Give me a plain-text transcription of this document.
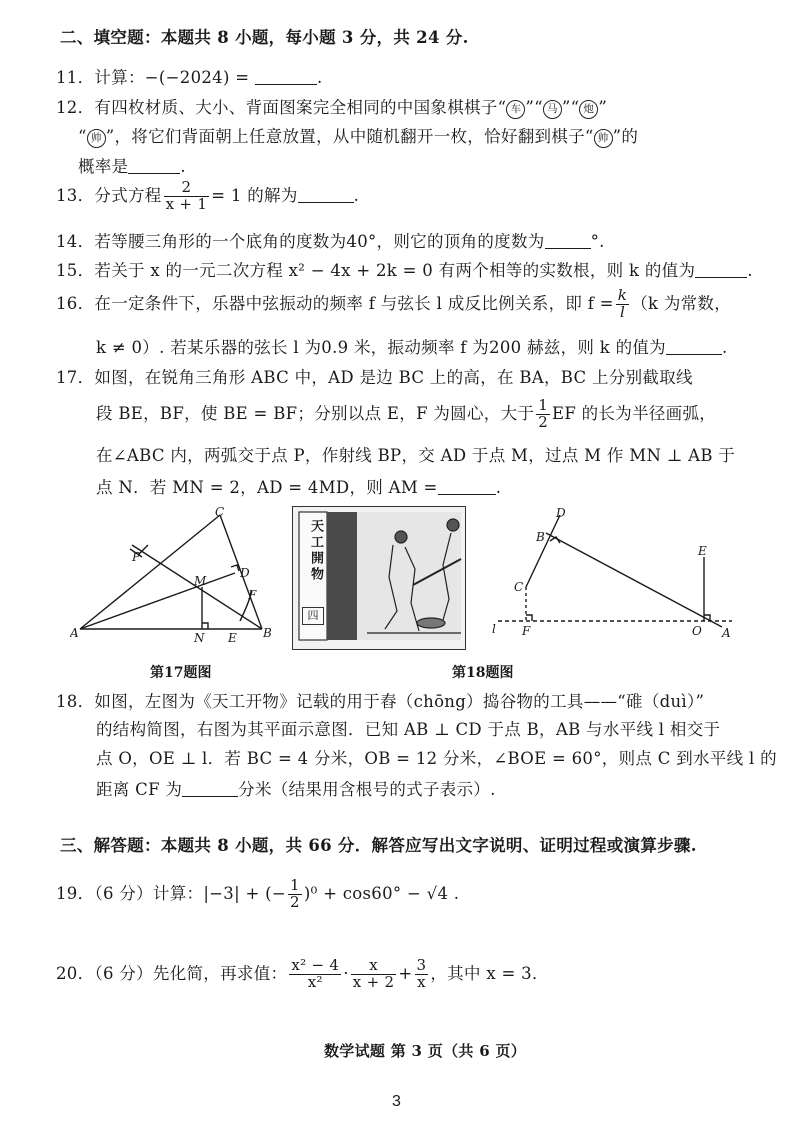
二、填空题：本题共 8 小题，每小题 3 分，共 24 分.
11．计算：−(−2024) =	.
12．有四枚材质、大小、背面图案完全相同的中国象棋棋子“ 车 ”“ 马 ”“ 炮 ”
“ 帅 ”，将它们背面朝上任意放置，从中随机翻开一枚，恰好翻到棋子“ 帅 ”的
概率是	.
13．分式方程 $\frac{2}{x + 1} = 1$ 的解为	.
14．若等腰三角形的一个底角的度数为40°，则它的顶角的度数为	°.
15．若关于 x 的一元二次方程 x² − 4x + 2k = 0 有两个相等的实数根，则 k 的值为	.
16．在一定条件下，乐器中弦振动的频率 f 与弦长 l 成反比例关系，即 $f = \frac{k}{l} (k$ 为常数，
k ≠ 0）. 若某乐器的弦长 l 为0.9 米，振动频率 f 为200 赫兹，则 k 的值为	.
17．如图，在锐角三角形 ABC 中，AD 是边 BC 上的高，在 BA，BC 上分别截取线
段 BE，BF，使 BE = BF；分别以点 E，F 为圆心，大于 $\frac{1}{2}$ EF 的长为半径画弧，
在∠ABC 内，两弧交于点 P，作射线 BP，交 AD 于点 M，过点 M 作 MN ⊥ AB 于
点 N．若 MN = 2，AD = 4MD，则 AM =	.
A	B
C
D
M
N E
F
P	天工開物
四
B
C
D
E
F	O A
l
第17题图	第18题图
18．如图，左图为《天工开物》记载的用于舂（chōng）捣谷物的工具——“碓（duì）”
的结构简图，右图为其平面示意图．已知 AB ⊥ CD 于点 B，AB 与水平线 l 相交于
点 O，OE ⊥ l．若 BC = 4 分米，OB = 12 分米，∠BOE = 60°，则点 C 到水平线 l 的
距离 CF 为	分米（结果用含根号的式子表示）.
三、解答题：本题共 8 小题，共 66 分．解答应写出文字说明、证明过程或演算步骤.
19．（6 分）计算：|−3| + (− $\frac{1}{2} )^0 + \cos 60^\circ - √4$ .
20．（6 分）先化简，再求值： $\frac{\text{x² − 4}}{\text{x²}} \cdot \frac{x}{x + 2} + \frac{3}{x}$ ，其中 x = 3．
数学试题 第 3 页（共 6 页）
3
